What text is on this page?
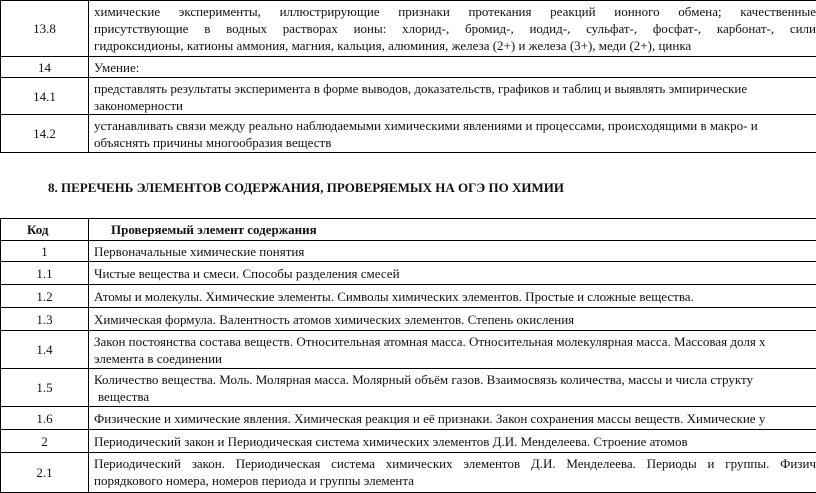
13.8	химические эксперименты, иллюстрирующие признаки протекания реакций ионного обмена; качественные
присутствующие в водных растворах ионы: хлорид-, бромид-, иодид-, сульфат-, фосфат-, карбонат-, сили
гидроксидионы, катионы аммония, магния, кальция, алюминия, железа (2+) и железа (3+), меди (2+), цинка

14	Умение:
14.1	представлять результаты эксперимента в форме выводов, доказательств, графиков и таблиц и выявлять эмпирические
закономерности

14.2	устанавливать связи между реально наблюдаемыми химическими явлениями и процессами, происходящими в макро- и
объяснять причины многообразия веществ
8. ПЕРЕЧЕНЬ ЭЛЕМЕНТОВ СОДЕРЖАНИЯ, ПРОВЕРЯЕМЫХ НА ОГЭ ПО ХИМИИ
Код	Проверяемый элемент содержания
1	Первоначальные химические понятия
1.1	Чистые вещества и смеси. Способы разделения смесей
1.2	Атомы и молекулы. Химические элементы. Символы химических элементов. Простые и сложные вещества.
1.3	Химическая формула. Валентность атомов химических элементов. Степень окисления
1.4	Закон постоянства состава веществ. Относительная атомная масса. Относительная молекулярная масса. Массовая доля х
элемента в соединении

1.5	Количество вещества. Моль. Молярная масса. Молярный объём газов. Взаимосвязь количества, массы и числа структу
вещества

1.6	Физические и химические явления. Химическая реакция и её признаки. Закон сохранения массы веществ. Химические у
2	Периодический закон и Периодическая система химических элементов Д.И. Менделеева. Строение атомов
2.1	Периодический закон. Периодическая система химических элементов Д.И. Менделеева. Периоды и группы. Физич
порядкового номера, номеров периода и группы элемента
